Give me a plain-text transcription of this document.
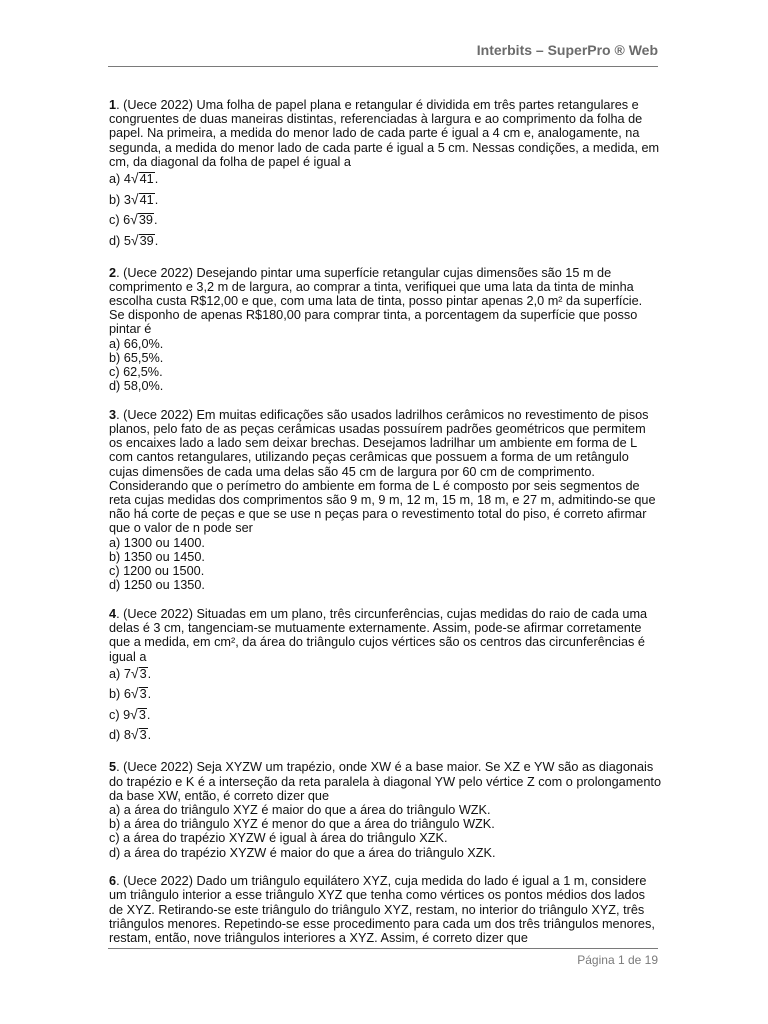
Interbits – SuperPro ® Web
1. (Uece 2022) Uma folha de papel plana e retangular é dividida em três partes retangulares e congruentes de duas maneiras distintas, referenciadas à largura e ao comprimento da folha de papel. Na primeira, a medida do menor lado de cada parte é igual a 4 cm e, analogamente, na segunda, a medida do menor lado de cada parte é igual a 5 cm. Nessas condições, a medida, em cm, da diagonal da folha de papel é igual a
a) 4√41.
b) 3√41.
c) 6√39.
d) 5√39.
2. (Uece 2022) Desejando pintar uma superfície retangular cujas dimensões são 15 m de comprimento e 3,2 m de largura, ao comprar a tinta, verifiquei que uma lata da tinta de minha escolha custa R$12,00 e que, com uma lata de tinta, posso pintar apenas 2,0 m² da superfície. Se disponho de apenas R$180,00 para comprar tinta, a porcentagem da superfície que posso pintar é
a) 66,0%.
b) 65,5%.
c) 62,5%.
d) 58,0%.
3. (Uece 2022) Em muitas edificações são usados ladrilhos cerâmicos no revestimento de pisos planos, pelo fato de as peças cerâmicas usadas possuírem padrões geométricos que permitem os encaixes lado a lado sem deixar brechas. Desejamos ladrilhar um ambiente em forma de L com cantos retangulares, utilizando peças cerâmicas que possuem a forma de um retângulo cujas dimensões de cada uma delas são 45 cm de largura por 60 cm de comprimento. Considerando que o perímetro do ambiente em forma de L é composto por seis segmentos de reta cujas medidas dos comprimentos são 9 m, 9 m, 12 m, 15 m, 18 m, e 27 m, admitindo-se que não há corte de peças e que se use n peças para o revestimento total do piso, é correto afirmar que o valor de n pode ser
a) 1300 ou 1400.
b) 1350 ou 1450.
c) 1200 ou 1500.
d) 1250 ou 1350.
4. (Uece 2022) Situadas em um plano, três circunferências, cujas medidas do raio de cada uma delas é 3 cm, tangenciam-se mutuamente externamente. Assim, pode-se afirmar corretamente que a medida, em cm², da área do triângulo cujos vértices são os centros das circunferências é igual a
a) 7√3.
b) 6√3.
c) 9√3.
d) 8√3.
5. (Uece 2022) Seja XYZW um trapézio, onde XW é a base maior. Se XZ e YW são as diagonais do trapézio e K é a interseção da reta paralela à diagonal YW pelo vértice Z com o prolongamento da base XW, então, é correto dizer que
a) a área do triângulo XYZ é maior do que a área do triângulo WZK.
b) a área do triângulo XYZ é menor do que a área do triângulo WZK.
c) a área do trapézio XYZW é igual à área do triângulo XZK.
d) a área do trapézio XYZW é maior do que a área do triângulo XZK.
6. (Uece 2022) Dado um triângulo equilátero XYZ, cuja medida do lado é igual a 1 m, considere um triângulo interior a esse triângulo XYZ que tenha como vértices os pontos médios dos lados de XYZ. Retirando-se este triângulo do triângulo XYZ, restam, no interior do triângulo XYZ, três triângulos menores. Repetindo-se esse procedimento para cada um dos três triângulos menores, restam, então, nove triângulos interiores a XYZ. Assim, é correto dizer que
Página 1 de 19
